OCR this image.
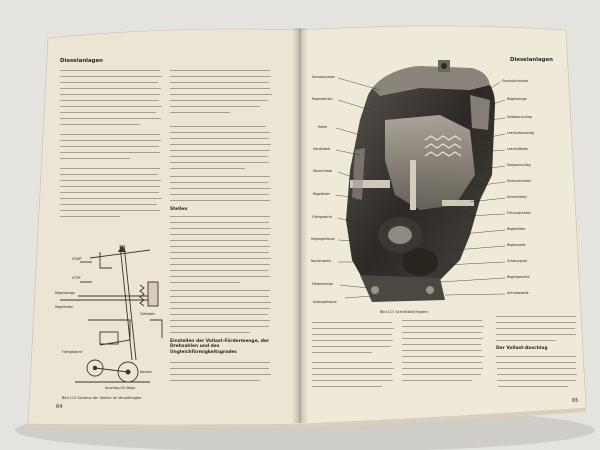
Dieselanlagen
Stellen
Einstellen der Vollast-Fördermenge, der Drehzahlen und des Ungleichförmigkeitsgrades
START
STOP
Regelstange
Regelhebel
Gleitstein
Fliehgewicht
Nocken
Anschlag für Stopp
Bild 112 Schema der Stellen im Verstellregler
64
Dieselanlagen
Vorsatzpumpe
Reglerdeckel
Hebel
Handhebel
Steuerhebel
Regelfeder
Fliehgewicht
Reglergehäuse
Nockenwelle
Fördermenge
Kurbelgehäuse
Einstellschraube
Regelstange
Vollastanschlag
Leerlaufanschlag
Leerlauffeder
Stoppanschlag
Zwischenhebel
Anlenkhebel
Führungshebel
Reglerfeder
Reglerwelle
Schwungrad
Reglergewicht
Antriebswelle
Bild 113 Schnittbild Reglers
Der Vollast-Anschlag
65
